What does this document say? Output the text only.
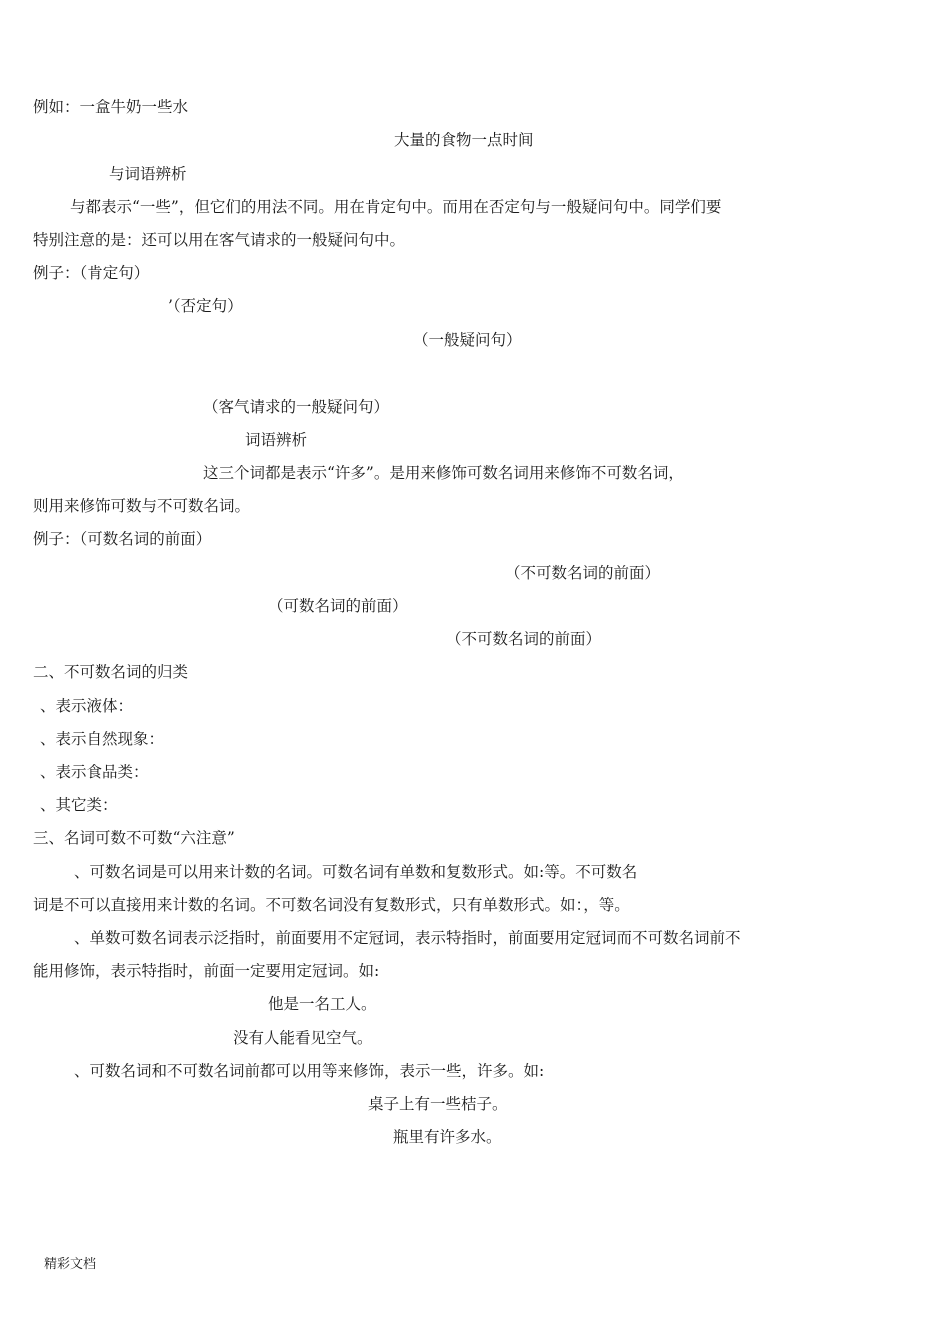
例如：一盒牛奶一些水
大量的食物一点时间
与词语辨析
与都表示“一些”，但它们的用法不同。用在肯定句中。而用在否定句与一般疑问句中。同学们要
特别注意的是：还可以用在客气请求的一般疑问句中。
例子：（肯定句）
’（否定句）
（一般疑问句）
（客气请求的一般疑问句）
词语辨析
这三个词都是表示“许多”。是用来修饰可数名词用来修饰不可数名词，
则用来修饰可数与不可数名词。
例子：（可数名词的前面）
（不可数名词的前面）
（可数名词的前面）
（不可数名词的前面）
二、不可数名词的归类
、表示液体：
、表示自然现象：
、表示食品类：
、其它类：
三、名词可数不可数“六注意”
、可数名词是可以用来计数的名词。可数名词有单数和复数形式。如:等。不可数名
词是不可以直接用来计数的名词。不可数名词没有复数形式，只有单数形式。如：，等。
、单数可数名词表示泛指时，前面要用不定冠词，表示特指时，前面要用定冠词而不可数名词前不
能用修饰，表示特指时，前面一定要用定冠词。如:
他是一名工人。
没有人能看见空气。
、可数名词和不可数名词前都可以用等来修饰，表示一些，许多。如:
桌子上有一些桔子。
瓶里有许多水。
精彩文档
